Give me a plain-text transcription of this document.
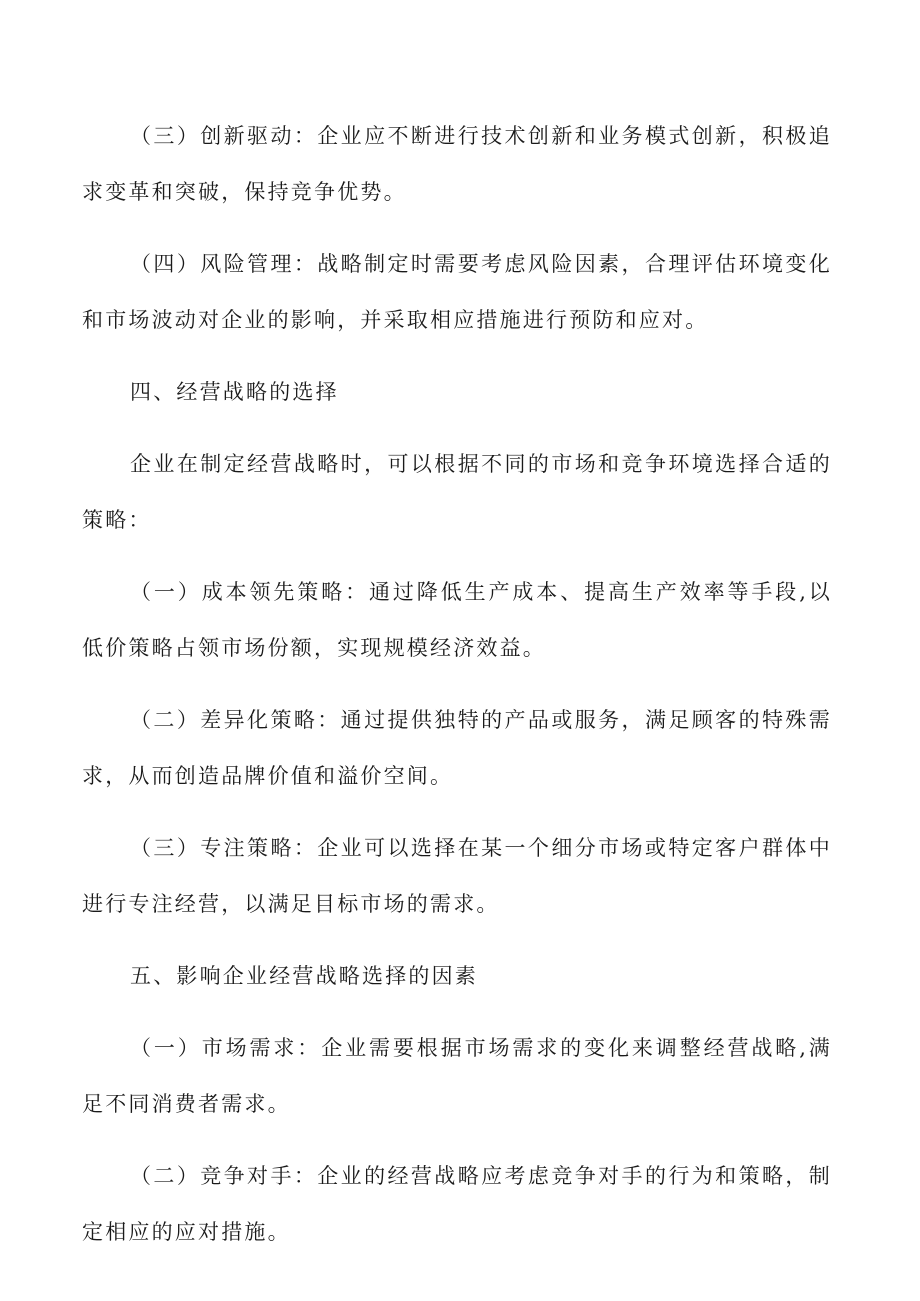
（三）创新驱动：企业应不断进行技术创新和业务模式创新，积极追求变革和突破，保持竞争优势。

（四）风险管理：战略制定时需要考虑风险因素，合理评估环境变化和市场波动对企业的影响，并采取相应措施进行预防和应对。

四、经营战略的选择

企业在制定经营战略时，可以根据不同的市场和竞争环境选择合适的策略：

（一）成本领先策略：通过降低生产成本、提高生产效率等手段,以低价策略占领市场份额，实现规模经济效益。

（二）差异化策略：通过提供独特的产品或服务，满足顾客的特殊需求，从而创造品牌价值和溢价空间。

（三）专注策略：企业可以选择在某一个细分市场或特定客户群体中进行专注经营，以满足目标市场的需求。

五、影响企业经营战略选择的因素

（一）市场需求：企业需要根据市场需求的变化来调整经营战略,满足不同消费者需求。

（二）竞争对手：企业的经营战略应考虑竞争对手的行为和策略，制定相应的应对措施。
